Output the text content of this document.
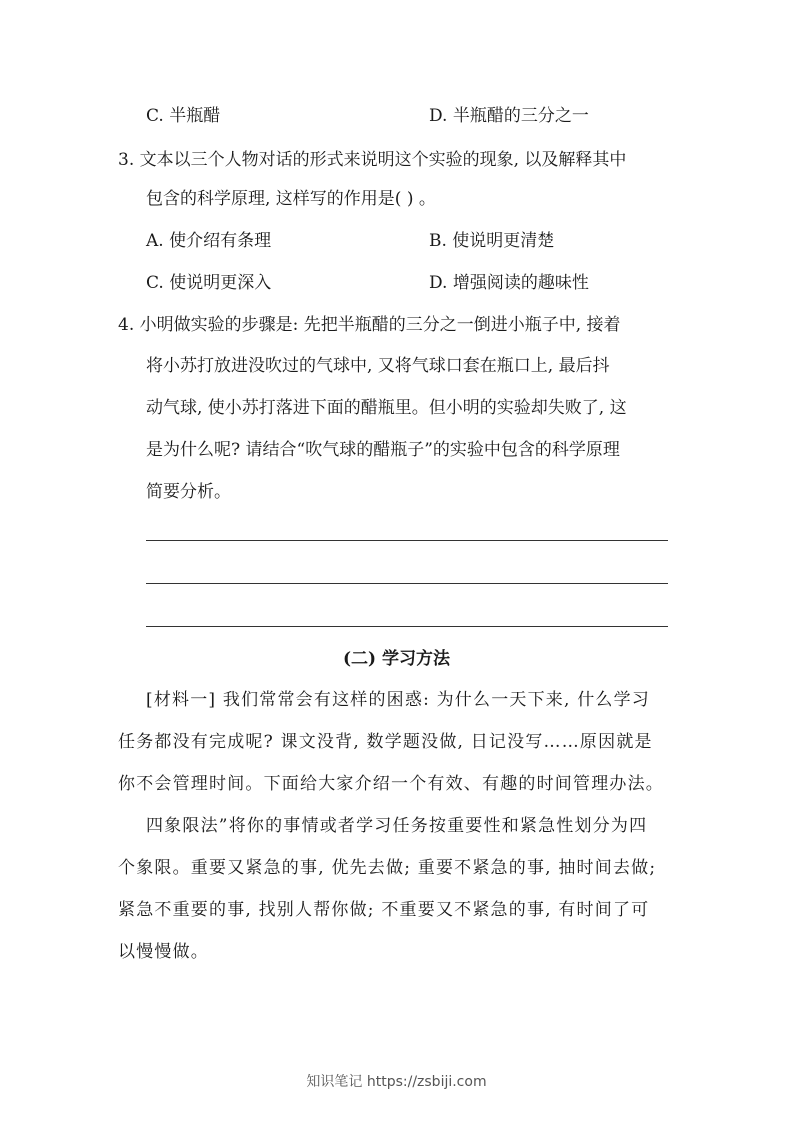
C. 半瓶醋	D. 半瓶醋的三分之一
3. 文本以三个人物对话的形式来说明这个实验的现象, 以及解释其中
包含的科学原理, 这样写的作用是( ) 。
A. 使介绍有条理	B. 使说明更清楚
C. 使说明更深入	D. 增强阅读的趣味性
4. 小明做实验的步骤是: 先把半瓶醋的三分之一倒进小瓶子中, 接着
将小苏打放进没吹过的气球中, 又将气球口套在瓶口上, 最后抖
动气球, 使小苏打落进下面的醋瓶里。但小明的实验却失败了, 这
是为什么呢? 请结合“吹气球的醋瓶子”的实验中包含的科学原理
简要分析。
(二) 学习方法
[材料一] 我们常常会有这样的困惑: 为什么一天下来, 什么学习
任务都没有完成呢? 课文没背, 数学题没做, 日记没写……原因就是
你不会管理时间。下面给大家介绍一个有效、有趣的时间管理办法。
四象限法”将你的事情或者学习任务按重要性和紧急性划分为四
个象限。重要又紧急的事, 优先去做; 重要不紧急的事, 抽时间去做;
紧急不重要的事, 找别人帮你做; 不重要又不紧急的事, 有时间了可
以慢慢做。
知识笔记 https://zsbiji.com
